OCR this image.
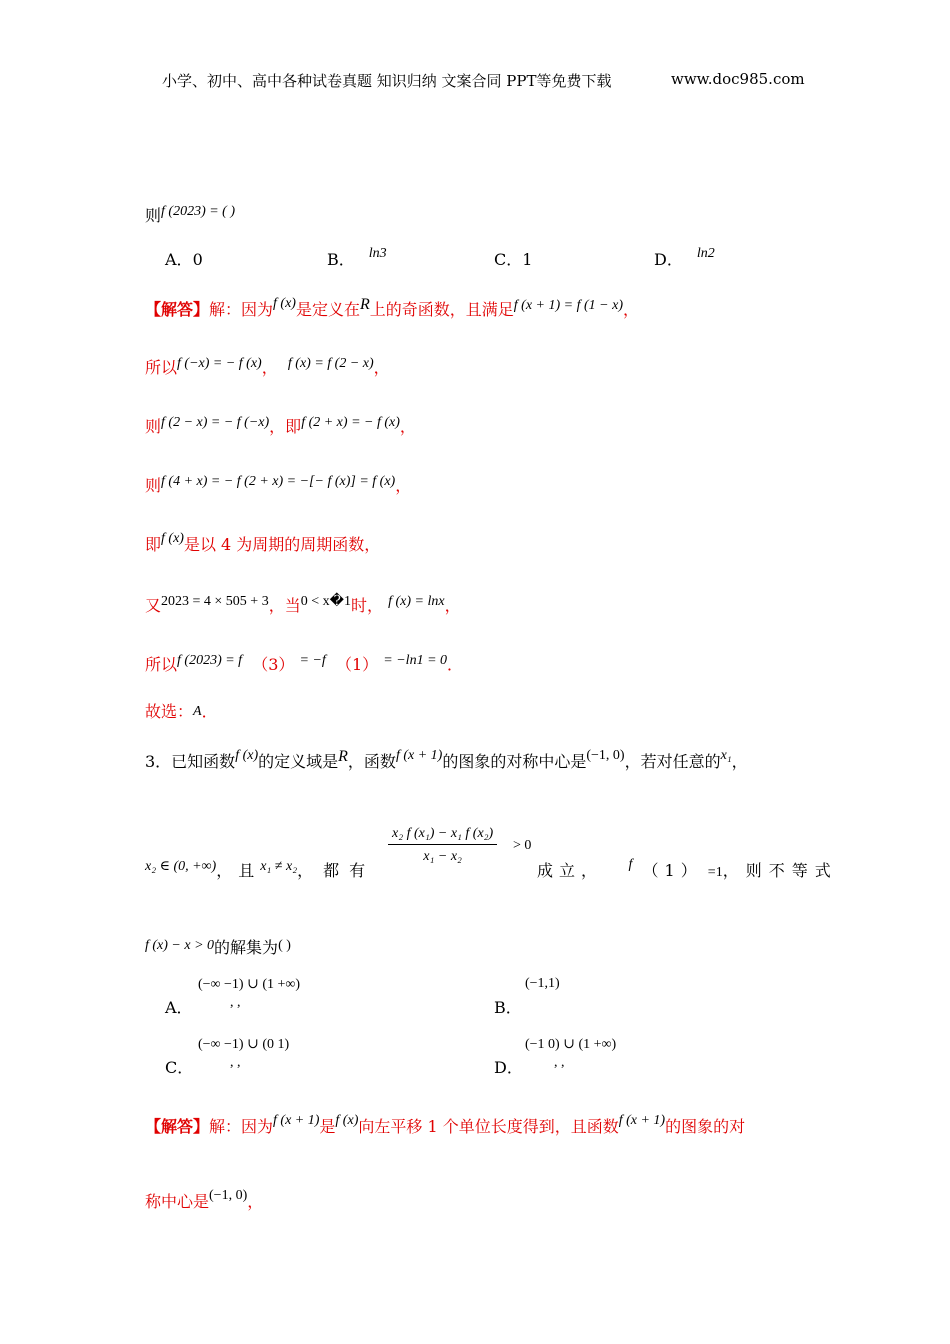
小学、初中、高中各种试卷真题 知识归纳 文案合同 PPT等免费下载	www.doc985.com
则f (2023) = ( )
A．0	B． ln3	C．1	D． ln2
【解答】解：因为f (x)是定义在R上的奇函数，且满足f (x + 1) = f (1 − x)，
所以f (−x) = − f (x)， f (x) = f (2 − x)，
则f (2 − x) = − f (−x)，即f (2 + x) = − f (x)，
则f (4 + x) = − f (2 + x) = −[− f (x)] = f (x)，
即f (x)是以 4 为周期的周期函数，
又2023 = 4 × 505 + 3，当0 < x�1时， f (x) = lnx，
所以f (2023) = f （3） = −f （1） = −ln1 = 0．
故选：A．
3．已知函数f (x)的定义域是R，函数f (x + 1)的图象的对称中心是(−1, 0)，若对任意的x₁，
x₂ ∈ (0, +∞)，且x₁ ≠ x₂，都有
$\frac{\text{x₂ f (x₁) − x₁ f (x₂)}}{\text{x₁ − x₂}} > 0$
成立， f （1） =1，则不等式
f (x) − x > 0的解集为( )
(−∞ −1) ∪ (1 +∞)
A．	, ,
(−1,1)
B．
(−∞ −1) ∪ (0 1)
C．	, ,
(−1 0) ∪ (1 +∞)
D． , ,
【解答】解：因为f (x + 1)是f (x)向左平移 1 个单位长度得到，且函数f (x + 1)的图象的对
称中心是(−1, 0)，
